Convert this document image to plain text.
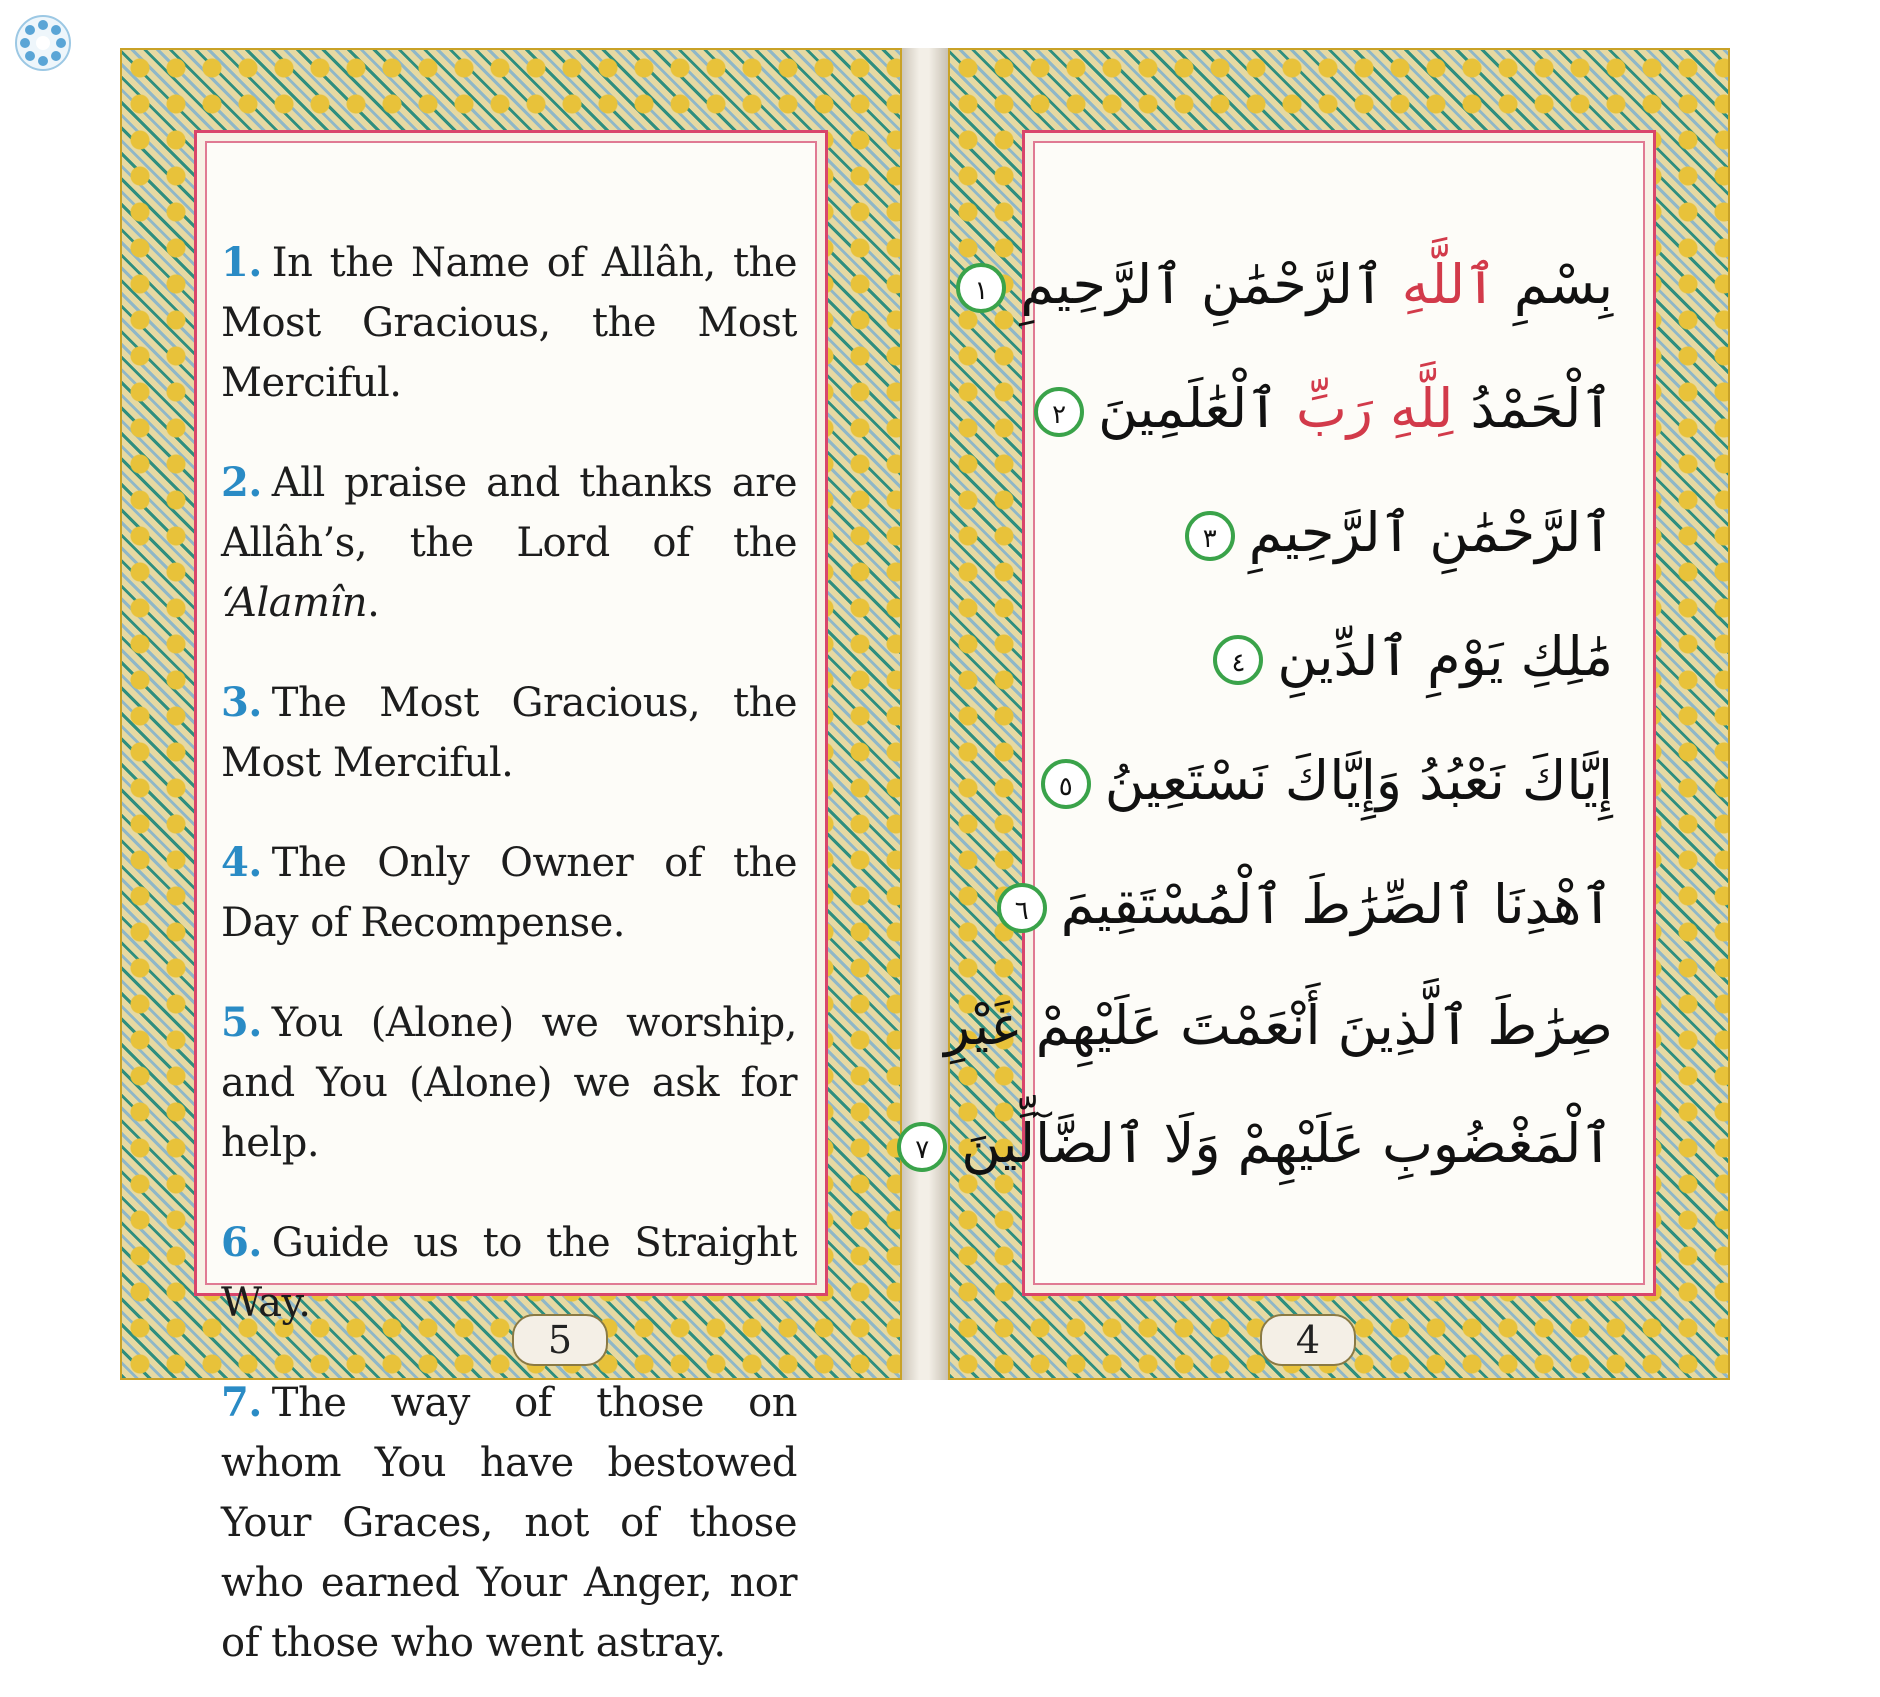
1. In the Name of Allâh, the Most Gracious, the Most Merciful.

2. All praise and thanks are Allâh’s, the Lord of the ‘Alamîn.

3. The Most Gracious, the Most Merciful.

4. The Only Owner of the Day of Recompense.

5. You (Alone) we worship, and You (Alone) we ask for help.

6. Guide us to the Straight Way.

7. The way of those on whom You have bestowed Your Graces, not of those who earned Your Anger, nor of those who went astray.

5
بِسْمِ ٱللَّهِ ٱلرَّحْمَٰنِ ٱلرَّحِيمِ١
ٱلْحَمْدُ لِلَّهِ رَبِّ ٱلْعَٰلَمِينَ٢
ٱلرَّحْمَٰنِ ٱلرَّحِيمِ٣
مَٰلِكِ يَوْمِ ٱلدِّينِ٤
إِيَّاكَ نَعْبُدُ وَإِيَّاكَ نَسْتَعِينُ٥
ٱهْدِنَا ٱلصِّرَٰطَ ٱلْمُسْتَقِيمَ٦
صِرَٰطَ ٱلَّذِينَ أَنْعَمْتَ عَلَيْهِمْ غَيْرِ
ٱلْمَغْضُوبِ عَلَيْهِمْ وَلَا ٱلضَّآلِّينَ٧
4
